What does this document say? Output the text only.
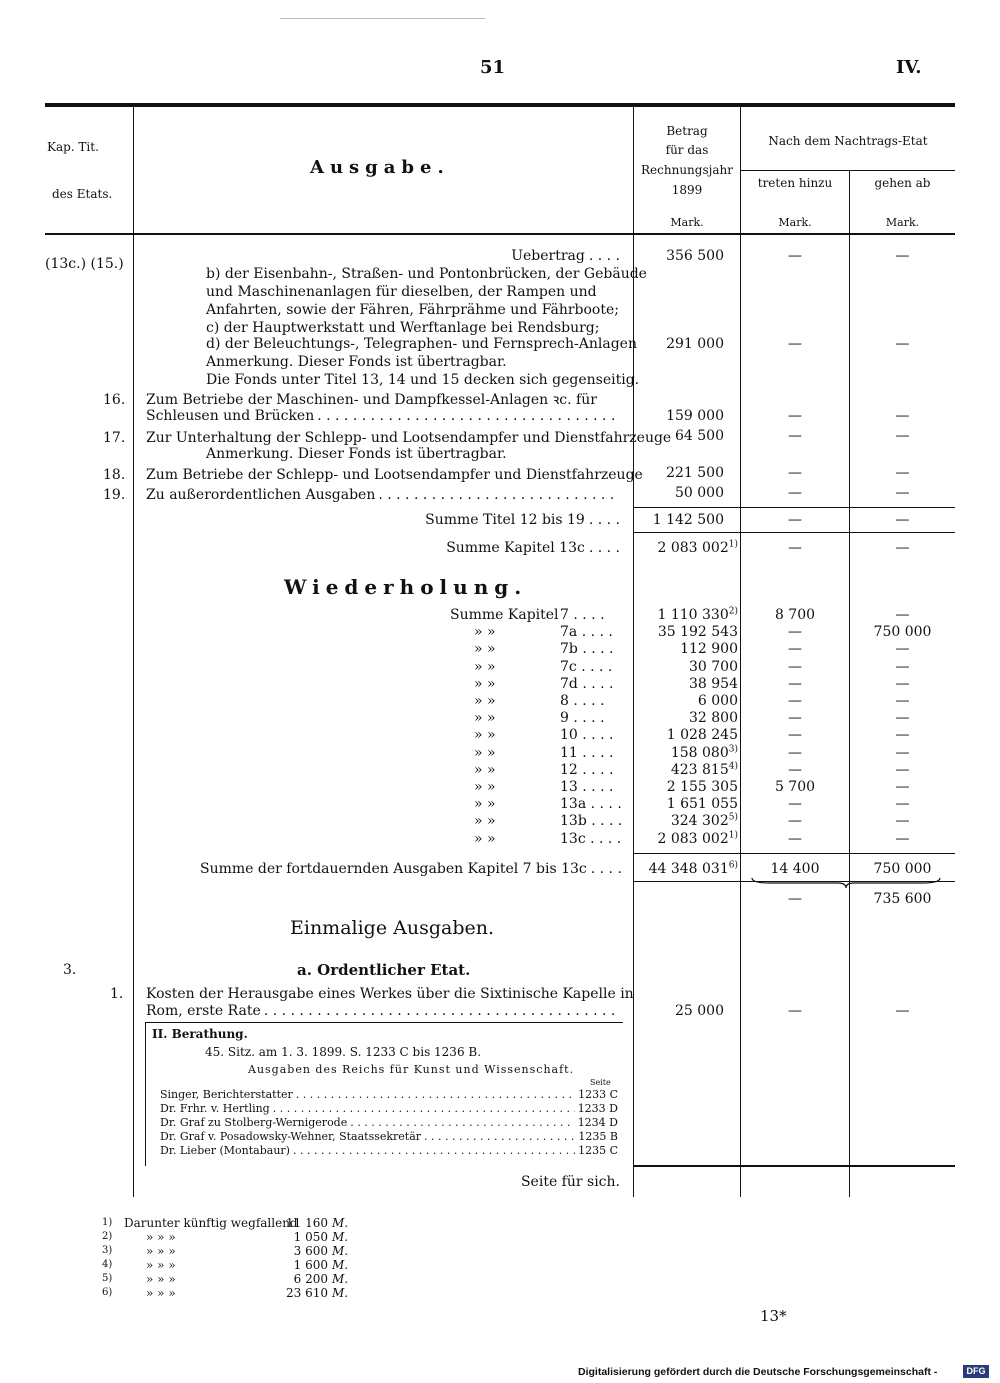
51	IV.
Kap. Tit.
des Etats.
Ausgabe.
Betrag
für das
Rechnungsjahr
1899
Nach dem Nachtrags-Etat
treten hinzu	gehen ab
Mark.	Mark.	Mark.
(13c.) (15.)	Uebertrag . . . .	356 500	—	—
b) der Eisenbahn-, Straßen- und Pontonbrücken, der Gebäude
und Maschinenanlagen für dieselben, der Rampen und
Anfahrten, sowie der Fähren, Fährprähme und Fährboote;
c) der Hauptwerkstatt und Werftanlage bei Rendsburg;
d) der Beleuchtungs-, Telegraphen- und Fernsprech-Anlagen	291 000	—	—
Anmerkung. Dieser Fonds ist übertragbar.
Die Fonds unter Titel 13, 14 und 15 decken sich gegenseitig.
16. Zum Betriebe der Maschinen- und Dampfkessel-Anlagen ꝛc. für
Schleusen und Brücken . . .	159 000	—	—
17. Zur Unterhaltung der Schlepp- und Lootsendampfer und Dienstfahrzeuge 64 500	—	—
Anmerkung. Dieser Fonds ist übertragbar.
18. Zum Betriebe der Schlepp- und Lootsendampfer und Dienstfahrzeuge	221 500	—	—
19. Zu außerordentlichen Ausgaben . . .	50 000	—	—
Summe Titel 12 bis 19 . . . .	1 142 500	—	—
Summe Kapitel 13c . . . .	2 083 002$^{1)}$	—	—
Wiederholung.
Summe Kapitel 7 . . . .	1 110 330$^{2)}$	8 700	—
» »	7a . . . .	35 192 543	—	750 000
» »	7b . . . .	112 900	—	—
» »	7c . . . .	30 700	—	—
» »	7d . . . .	38 954	—	—
» »	8 . . . .	6 000	—	—
» »	9 . . . .	32 800	—	—
» »	10 . . . .	1 028 245	—	—
» »	11 . . . .	158 080$^{3)}$	—	—
» »	12 . . . .	423 815$^{4)}$	—	—
» »	13 . . . .	2 155 305	5 700	—
» »	13a . . . .	1 651 055	—	—
» »	13b . . . .	324 302$^{5)}$	—	—
» »	13c . . . .	2 083 002$^{1)}$	—	—
Summe der fortdauernden Ausgaben Kapitel 7 bis 13c . . . .	44 348 031$^{6)}$	14 400	750 000
—	735 600
Einmalige Ausgaben.
3.	a. Ordentlicher Etat.
1. Kosten der Herausgabe eines Werkes über die Sixtinische Kapelle in
Rom, erste Rate . . .	25 000	—	—
II. Berathung.
45. Sitz. am 1. 3. 1899. S. 1233 C bis 1236 B.
Ausgaben des Reichs für Kunst und Wissenschaft.
Seite
Singer, Berichterstatter . . .	1233 C
Dr. Frhr. v. Hertling . . .	1233 D
Dr. Graf zu Stolberg-Wernigerode . . .	1234 D
Dr. Graf v. Posadowsky-Wehner, Staatssekretär . . .	1235 B
Dr. Lieber (Montabaur) . . .	1235 C
Seite für sich.
1) Darunter künftig wegfallend
11 160 M.
2)	» » »	1 050 M.
3)	» » »	3 600 M.
4)	» » »	1 600 M.
5)	» » »	6 200 M.
6)	» » »	23 610 M.
13*
Digitalisierung gefördert durch die Deutsche Forschungsgemeinschaft -	DFG
